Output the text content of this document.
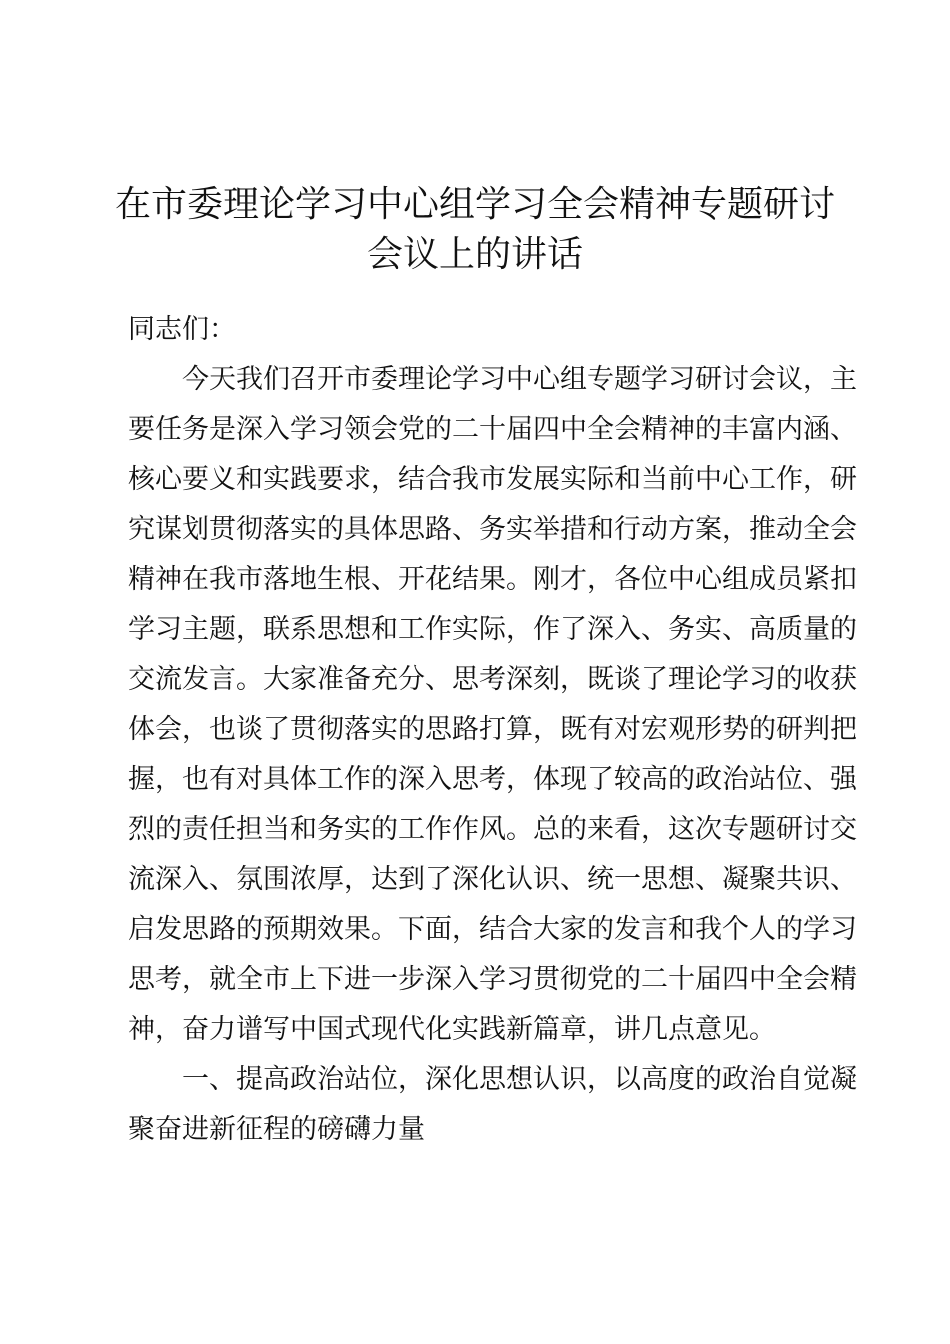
在市委理论学习中心组学习全会精神专题研讨
会议上的讲话
同志们：
今天我们召开市委理论学习中心组专题学习研讨会议，主
要任务是深入学习领会党的二十届四中全会精神的丰富内涵、
核心要义和实践要求，结合我市发展实际和当前中心工作，研
究谋划贯彻落实的具体思路、务实举措和行动方案，推动全会
精神在我市落地生根、开花结果。刚才，各位中心组成员紧扣
学习主题，联系思想和工作实际，作了深入、务实、高质量的
交流发言。大家准备充分、思考深刻，既谈了理论学习的收获
体会，也谈了贯彻落实的思路打算，既有对宏观形势的研判把
握，也有对具体工作的深入思考，体现了较高的政治站位、强
烈的责任担当和务实的工作作风。总的来看，这次专题研讨交
流深入、氛围浓厚，达到了深化认识、统一思想、凝聚共识、
启发思路的预期效果。下面，结合大家的发言和我个人的学习
思考，就全市上下进一步深入学习贯彻党的二十届四中全会精
神，奋力谱写中国式现代化实践新篇章，讲几点意见。
一、提高政治站位，深化思想认识，以高度的政治自觉凝
聚奋进新征程的磅礴力量
